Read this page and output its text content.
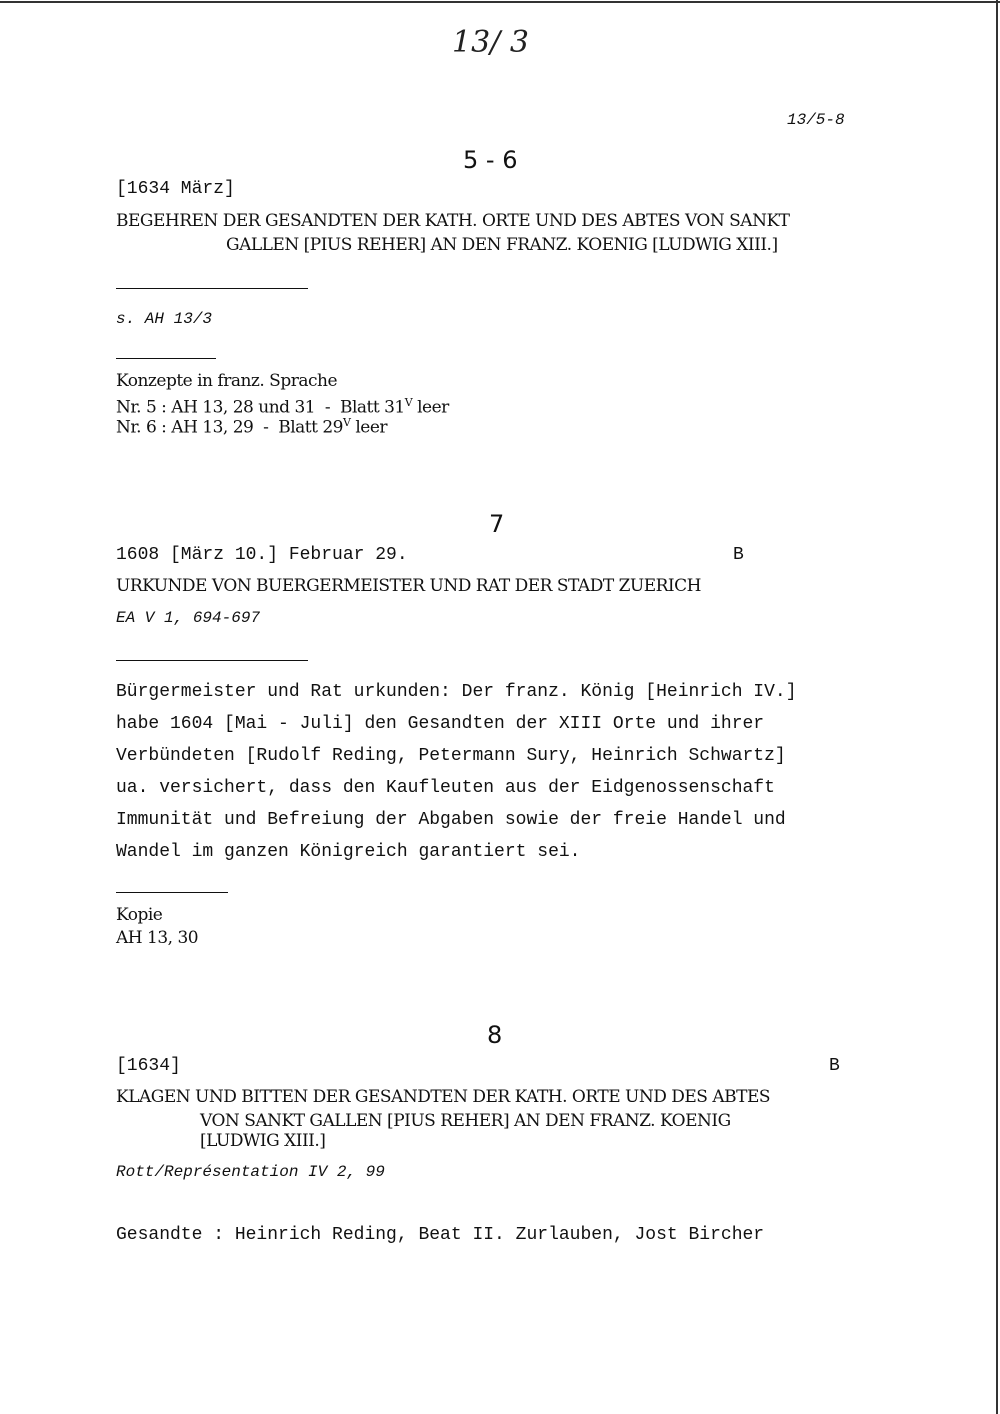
13/ 3
13/5-8
5 - 6
[1634 März]
BEGEHREN DER GESANDTEN DER KATH. ORTE UND DES ABTES VON SANKT
GALLEN [PIUS REHER] AN DEN FRANZ. KOENIG [LUDWIG XIII.]
s. AH 13/3
Konzepte in franz. Sprache
Nr. 5 : AH 13, 28 und 31  -  Blatt $31^V$ leer
Nr. 6 : AH 13, 29  -  Blatt $29^V$ leer
7
1608 [März 10.] Februar 29.	B
URKUNDE VON BUERGERMEISTER UND RAT DER STADT ZUERICH
EA V 1, 694-697
Bürgermeister und Rat urkunden: Der franz. König [Heinrich IV.]
habe 1604 [Mai - Juli] den Gesandten der XIII Orte und ihrer
Verbündeten [Rudolf Reding, Petermann Sury, Heinrich Schwartz]
ua. versichert, dass den Kaufleuten aus der Eidgenossenschaft
Immunität und Befreiung der Abgaben sowie der freie Handel und
Wandel im ganzen Königreich garantiert sei.
Kopie
AH 13, 30
8
[1634]	B
KLAGEN UND BITTEN DER GESANDTEN DER KATH. ORTE UND DES ABTES
VON SANKT GALLEN [PIUS REHER] AN DEN FRANZ. KOENIG
[LUDWIG XIII.]
Rott/Représentation IV 2, 99
Gesandte : Heinrich Reding, Beat II. Zurlauben, Jost Bircher
